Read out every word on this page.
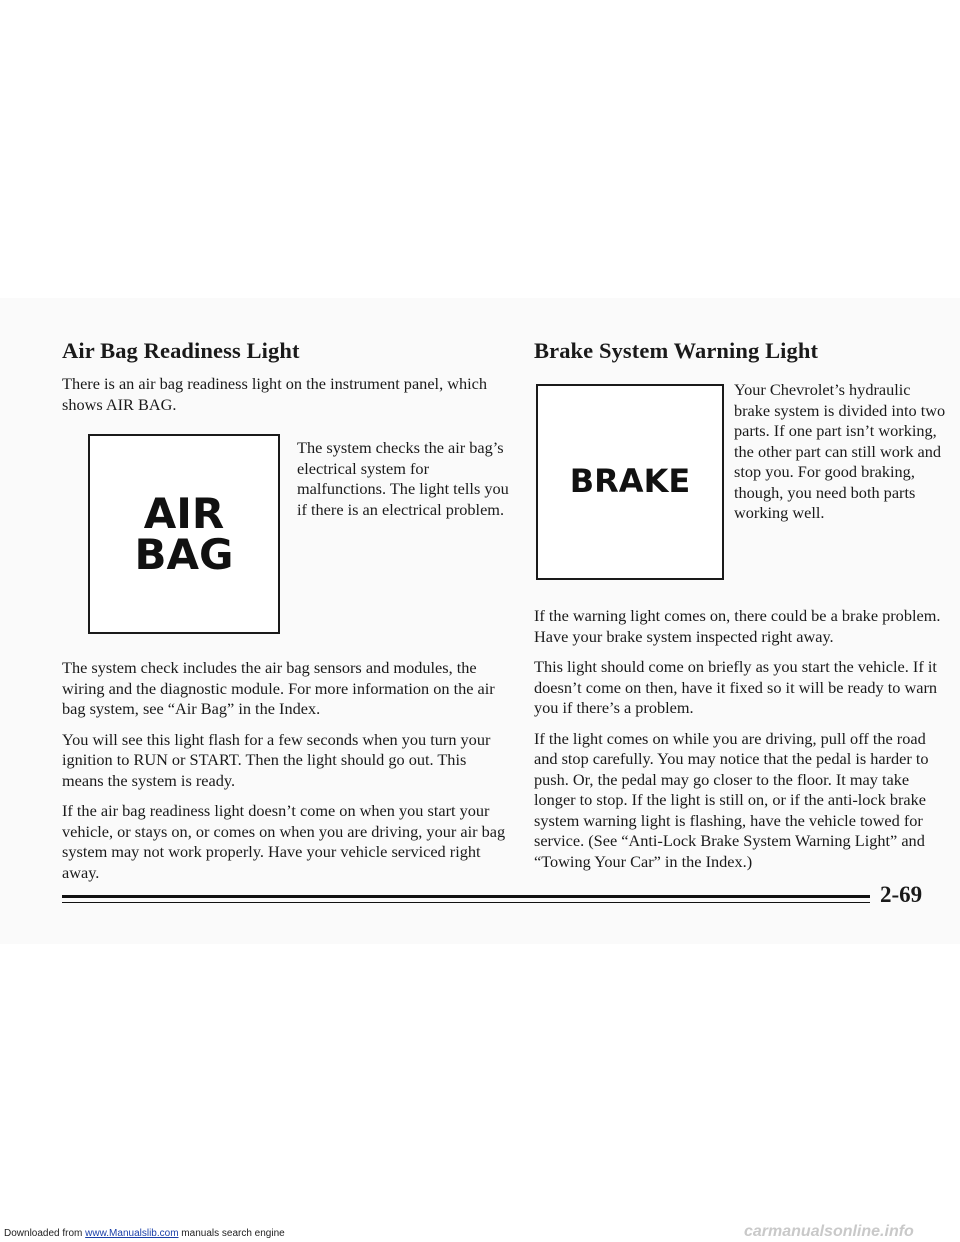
Air Bag Readiness Light

There is an air bag readiness light on the instrument panel, which shows AIR BAG.

AIR
BAG

The system checks the air bag’s electrical system for malfunctions. The light tells you if there is an electrical problem.

The system check includes the air bag sensors and modules, the wiring and the diagnostic module. For more information on the air bag system, see “Air Bag” in the Index.

You will see this light flash for a few seconds when you turn your ignition to RUN or START. Then the light should go out. This means the system is ready.

If the air bag readiness light doesn’t come on when you start your vehicle, or stays on, or comes on when you are driving, your air bag system may not work properly. Have your vehicle serviced right away.

Brake System Warning Light
BRAKE

Your Chevrolet’s hydraulic brake system is divided into two parts. If one part isn’t working, the other part can still work and stop you. For good braking, though, you need both parts working well.

If the warning light comes on, there could be a brake problem. Have your brake system inspected right away.

This light should come on briefly as you start the vehicle. If it doesn’t come on then, have it fixed so it will be ready to warn you if there’s a problem.

If the light comes on while you are driving, pull off the road and stop carefully. You may notice that the pedal is harder to push. Or, the pedal may go closer to the floor. It may take longer to stop. If the light is still on, or if the anti-lock brake system warning light is flashing, have the vehicle towed for service. (See “Anti-Lock Brake System Warning Light” and “Towing Your Car” in the Index.)

2-69
Downloaded from www.Manualslib.com manuals search engine	carmanualsonline.info
